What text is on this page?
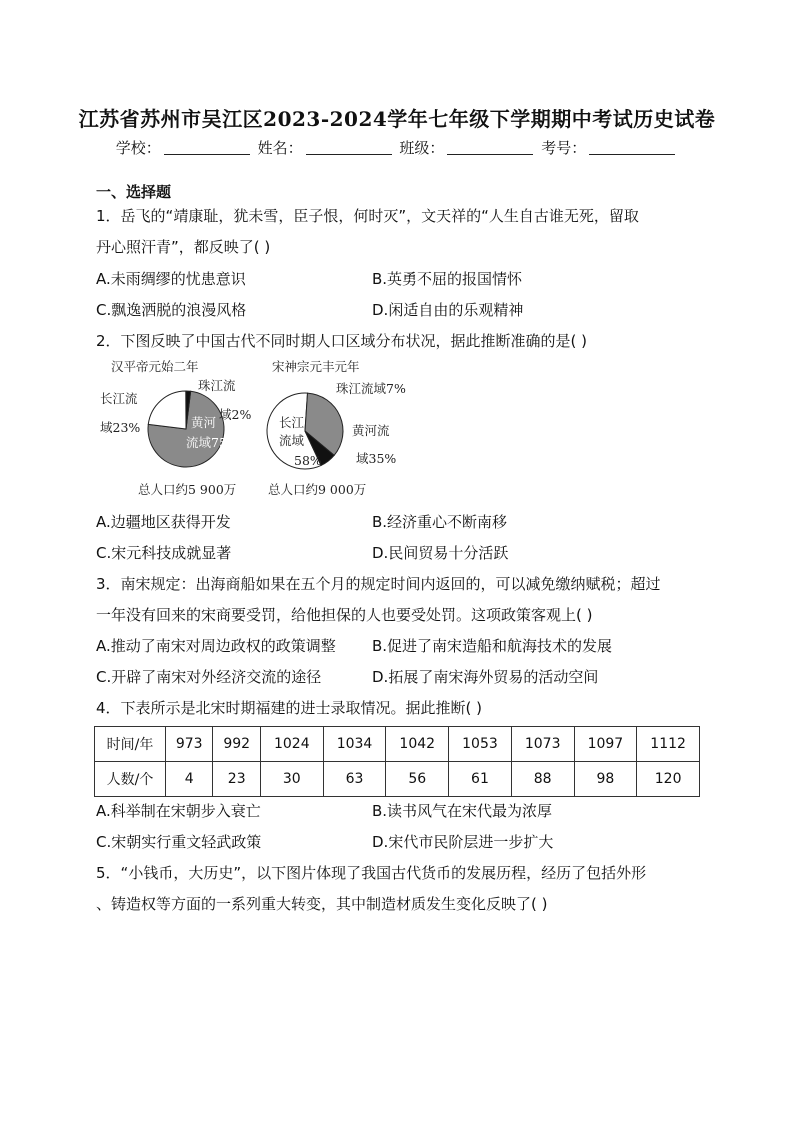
江苏省苏州市吴江区2023-2024学年七年级下学期期中考试历史试卷
学校：	姓名：	班级：	考号：
一、选择题
1．岳飞的“靖康耻，犹未雪，臣子恨，何时灭”，文天祥的“人生自古谁无死，留取
丹心照汗青”，都反映了( )
A.未雨绸缪的忧患意识	B.英勇不屈的报国情怀
C.飘逸洒脱的浪漫风格	D.闲适自由的乐观精神
2．下图反映了中国古代不同时期人口区域分布状况，据此推断准确的是( )
汉平帝元始二年	宋神宗元丰元年
长江流
域23%
珠江流
域2%
黄河
流域75%
长江
流域
58%
黄河流
域35%
珠江流域7%
总人口约5 900万	总人口约9 000万
A.边疆地区获得开发	B.经济重心不断南移
C.宋元科技成就显著	D.民间贸易十分活跃
3．南宋规定：出海商船如果在五个月的规定时间内返回的，可以减免缴纳赋税；超过
一年没有回来的宋商要受罚，给他担保的人也要受处罚。这项政策客观上( )
A.推动了南宋对周边政权的政策调整 B.促进了南宋造船和航海技术的发展
C.开辟了南宋对外经济交流的途径	D.拓展了南宋海外贸易的活动空间
4．下表所示是北宋时期福建的进士录取情况。据此推断( )
时间/年	973	992	1024	1034	1042	1053	1073	1097	1112
人数/个	4	23	30	63	56	61	88	98	120
A.科举制在宋朝步入衰亡	B.读书风气在宋代最为浓厚
C.宋朝实行重文轻武政策	D.宋代市民阶层进一步扩大
5．“小钱币，大历史”，以下图片体现了我国古代货币的发展历程，经历了包括外形
、铸造权等方面的一系列重大转变，其中制造材质发生变化反映了( )
